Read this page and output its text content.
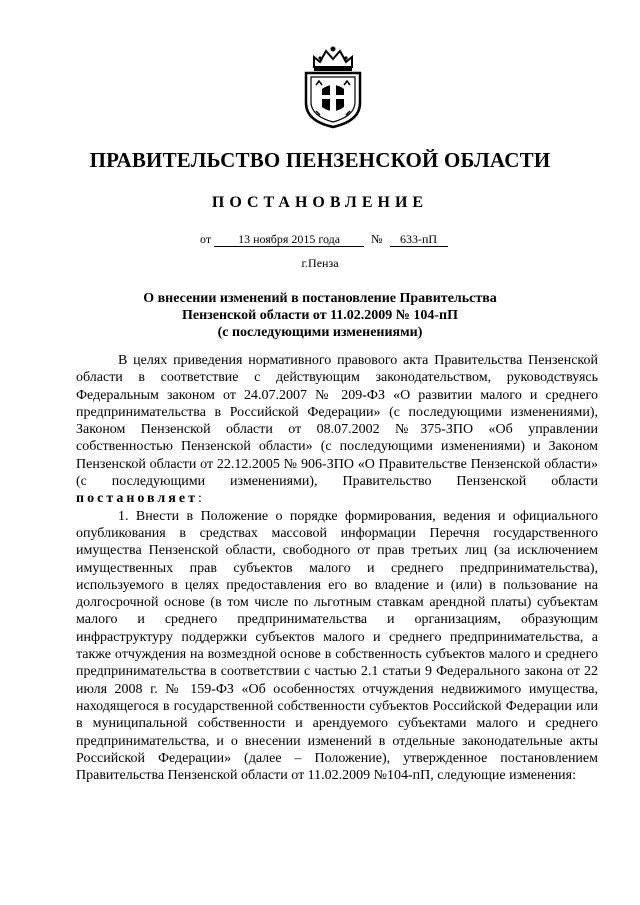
ПРАВИТЕЛЬСТВО ПЕНЗЕНСКОЙ ОБЛАСТИ
ПОСТАНОВЛЕНИЕ
от 13 ноября 2015 года	№ 633-пП
г.Пенза
О внесении изменений в постановление Правительства
Пензенской области от 11.02.2009 № 104-пП
(с последующими изменениями)

В целях приведения нормативного правового акта Правительства Пензенской области в соответствие с действующим законодательством, руководствуясь Федеральным законом от 24.07.2007 № 209-ФЗ «О развитии малого и среднего предпринимательства в Российской Федерации» (с последующими изменениями), Законом Пензенской области от 08.07.2002 №375-ЗПО «Об управлении собственностью Пензенской области» (с последующими изменениями) и Законом Пензенской области от 22.12.2005 № 906-ЗПО «О Правительстве Пензенской области» (с последующими изменениями), Правительство Пензенской области постановляет:

1. Внести в Положение о порядке формирования, ведения и официального опубликования в средствах массовой информации Перечня государственного имущества Пензенской области, свободного от прав третьих лиц (за исключением имущественных прав субъектов малого и среднего предпринимательства), используемого в целях предоставления его во владение и (или) в пользование на долгосрочной основе (в том числе по льготным ставкам арендной платы) субъектам малого и среднего предпринимательства и организациям, образующим инфраструктуру поддержки субъектов малого и среднего предпринимательства, а также отчуждения на возмездной основе в собственность субъектов малого и среднего предпринимательства в соответствии с частью 2.1 статьи 9 Федерального закона от 22 июля 2008 г. № 159-ФЗ «Об особенностях отчуждения недвижимого имущества, находящегося в государственной собственности субъектов Российской Федерации или в муниципальной собственности и арендуемого субъектами малого и среднего предпринимательства, и о внесении изменений в отдельные законодательные акты Российской Федерации» (далее – Положение), утвержденное постановлением Правительства Пензенской области от 11.02.2009 №104-пП, следующие изменения:
